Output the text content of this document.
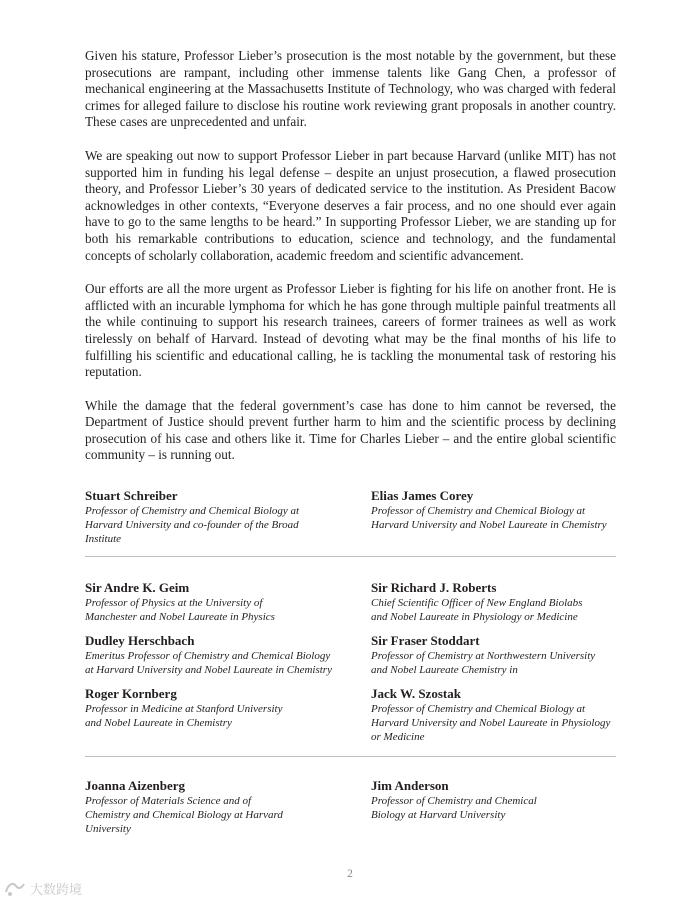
Given his stature, Professor Lieber’s prosecution is the most notable by the government, but these prosecutions are rampant, including other immense talents like Gang Chen, a professor of mechanical engineering at the Massachusetts Institute of Technology, who was charged with federal crimes for alleged failure to disclose his routine work reviewing grant proposals in another country. These cases are unprecedented and unfair.

We are speaking out now to support Professor Lieber in part because Harvard (unlike MIT) has not supported him in funding his legal defense – despite an unjust prosecution, a flawed prosecution theory, and Professor Lieber’s 30 years of dedicated service to the institution. As President Bacow acknowledges in other contexts, “Everyone deserves a fair process, and no one should ever again have to go to the same lengths to be heard.” In supporting Professor Lieber, we are standing up for both his remarkable contributions to education, science and technology, and the fundamental concepts of scholarly collaboration, academic freedom and scientific advancement.

Our efforts are all the more urgent as Professor Lieber is fighting for his life on another front. He is afflicted with an incurable lymphoma for which he has gone through multiple painful treatments all the while continuing to support his research trainees, careers of former trainees as well as work tirelessly on behalf of Harvard. Instead of devoting what may be the final months of his life to fulfilling his scientific and educational calling, he is tackling the monumental task of restoring his reputation.

While the damage that the federal government’s case has done to him cannot be reversed, the Department of Justice should prevent further harm to him and the scientific process by declining prosecution of his case and others like it. Time for Charles Lieber – and the entire global scientific community – is running out.

Stuart Schreiber
Professor of Chemistry and Chemical Biology at Harvard University and co-founder of the Broad Institute
Elias James Corey
Professor of Chemistry and Chemical Biology at Harvard University and Nobel Laureate in Chemistry
Sir Andre K. Geim
Professor of Physics at the University of Manchester and Nobel Laureate in Physics
Sir Richard J. Roberts
Chief Scientific Officer of New England Biolabs and Nobel Laureate in Physiology or Medicine
Dudley Herschbach
Emeritus Professor of Chemistry and Chemical Biology at Harvard University and Nobel Laureate in Chemistry
Sir Fraser Stoddart
Professor of Chemistry at Northwestern University and Nobel Laureate Chemistry in
Roger Kornberg
Professor in Medicine at Stanford University and Nobel Laureate in Chemistry
Jack W. Szostak
Professor of Chemistry and Chemical Biology at Harvard University and Nobel Laureate in Physiology or Medicine
Joanna Aizenberg
Professor of Materials Science and of Chemistry and Chemical Biology at Harvard University
Jim Anderson
Professor of Chemistry and Chemical Biology at Harvard University
2
大数跨境
